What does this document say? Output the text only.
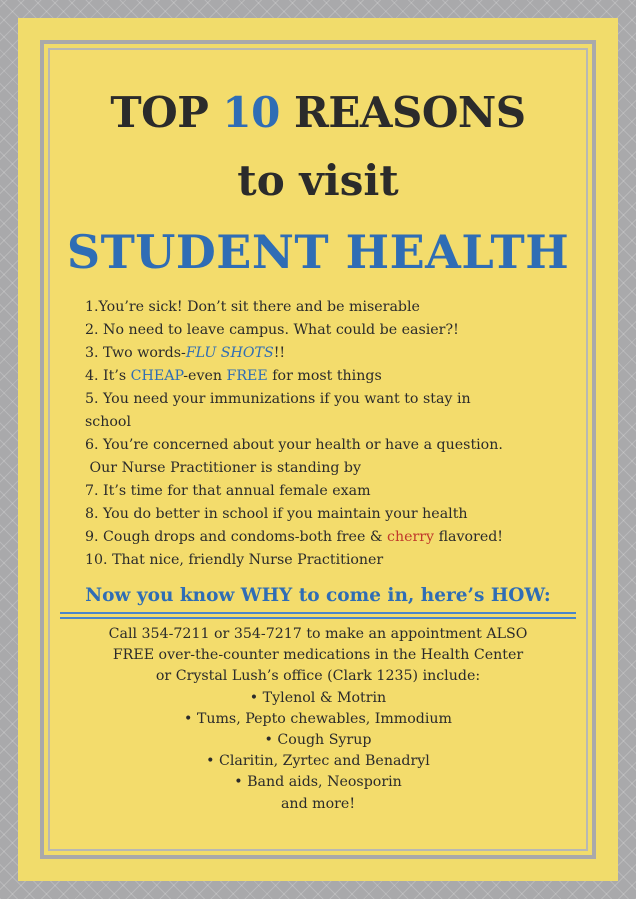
TOP 10 REASONS
to visit
STUDENT HEALTH
1.You’re sick! Don’t sit there and be miserable
2. No need to leave campus. What could be easier?!
3. Two words-FLU SHOTS!!
4. It’s CHEAP-even FREE for most things
5. You need your immunizations if you want to stay in
school
6. You’re concerned about your health or have a question.
Our Nurse Practitioner is standing by
7. It’s time for that annual female exam
8. You do better in school if you maintain your health
9. Cough drops and condoms-both free & cherry flavored!
10. That nice, friendly Nurse Practitioner
Now you know WHY to come in, here’s HOW:
Call 354-7211 or 354-7217 to make an appointment ALSO
FREE over-the-counter medications in the Health Center
or Crystal Lush’s office (Clark 1235) include:
• Tylenol & Motrin
• Tums, Pepto chewables, Immodium
• Cough Syrup
• Claritin, Zyrtec and Benadryl
• Band aids, Neosporin
and more!
